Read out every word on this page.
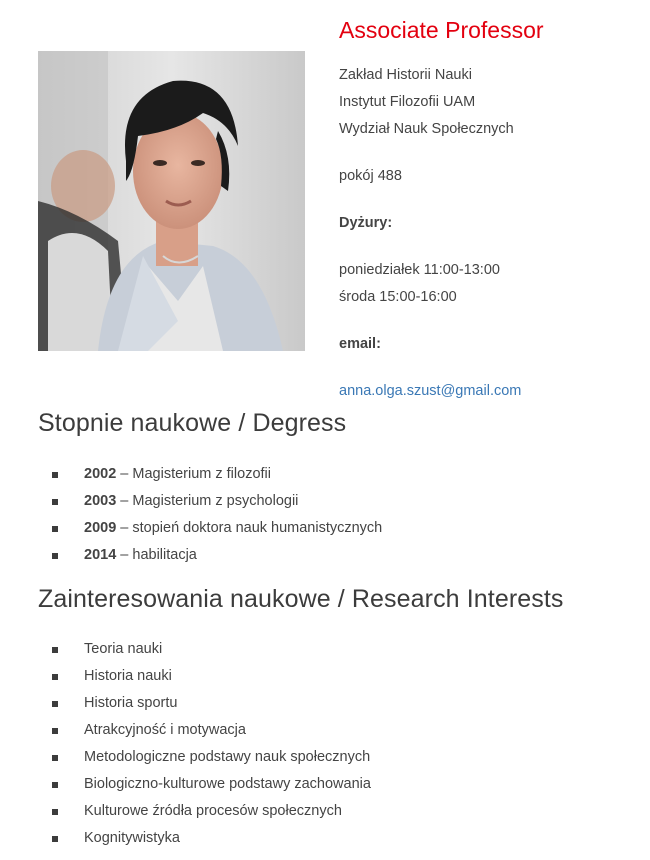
Associate Professor

Zakład Historii Nauki

Instytut Filozofii UAM

Wydział Nauk Społecznych

pokój 488

Dyżury:

poniedziałek 11:00-13:00

środa 15:00-16:00

email:

anna.olga.szust@gmail.com

Stopnie naukowe / Degress
2002 – Magisterium z filozofii
2003 – Magisterium z psychologii
2009 – stopień doktora nauk humanistycznych
2014 – habilitacja
Zainteresowania naukowe / Research Interests
Teoria nauki
Historia nauki
Historia sportu
Atrakcyjność i motywacja
Metodologiczne podstawy nauk społecznych
Biologiczno-kulturowe podstawy zachowania
Kulturowe źródła procesów społecznych
Kognitywistyka
